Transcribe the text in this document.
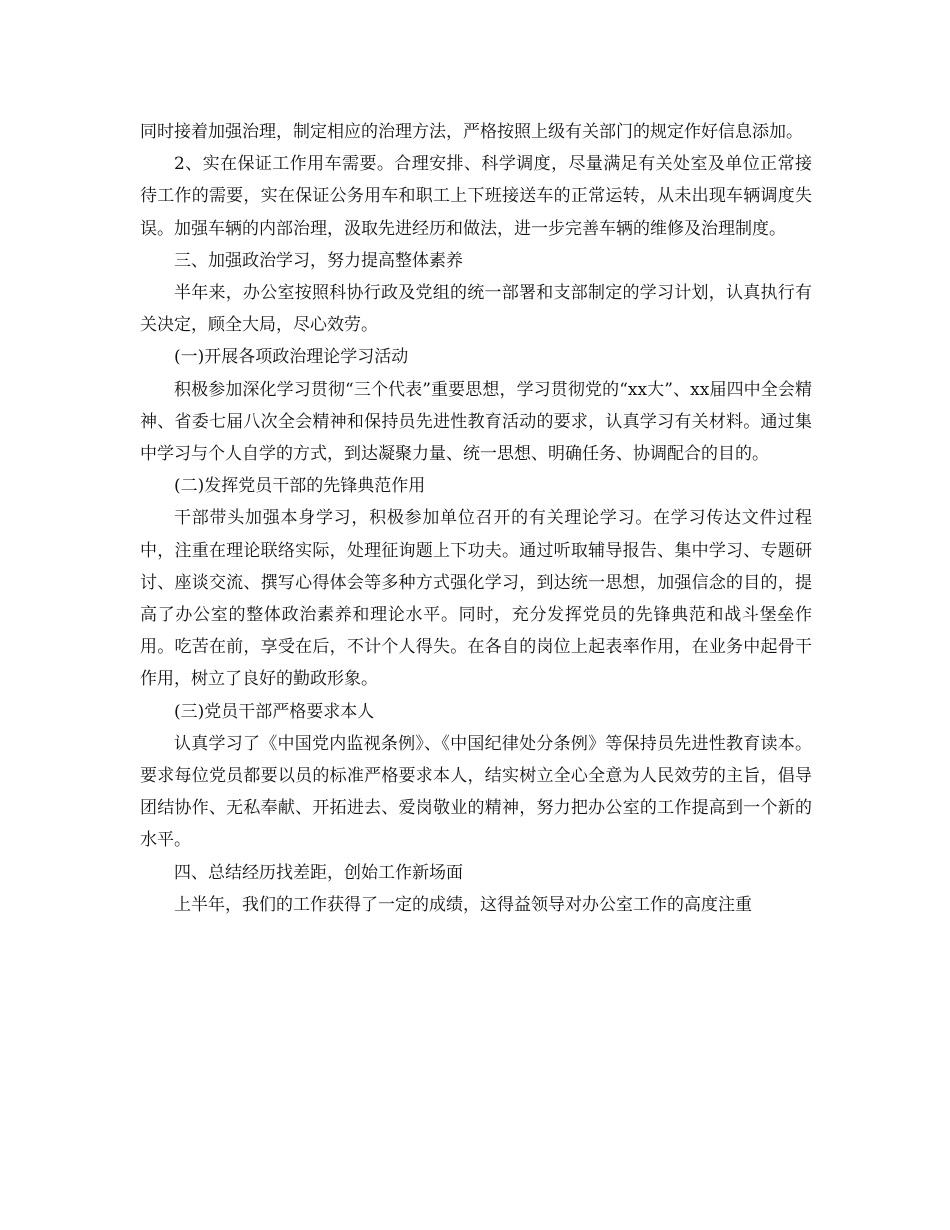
同时接着加强治理，制定相应的治理方法，严格按照上级有关部门的规定作好信息添加。

2、实在保证工作用车需要。合理安排、科学调度，尽量满足有关处室及单位正常接待工作的需要，实在保证公务用车和职工上下班接送车的正常运转，从未出现车辆调度失误。加强车辆的内部治理，汲取先进经历和做法，进一步完善车辆的维修及治理制度。

三、加强政治学习，努力提高整体素养

半年来，办公室按照科协行政及党组的统一部署和支部制定的学习计划，认真执行有关决定，顾全大局，尽心效劳。

(一)开展各项政治理论学习活动

积极参加深化学习贯彻“三个代表”重要思想，学习贯彻党的“xx大”、xx届四中全会精神、省委七届八次全会精神和保持员先进性教育活动的要求，认真学习有关材料。通过集中学习与个人自学的方式，到达凝聚力量、统一思想、明确任务、协调配合的目的。

(二)发挥党员干部的先锋典范作用

干部带头加强本身学习，积极参加单位召开的有关理论学习。在学习传达文件过程中，注重在理论联络实际，处理征询题上下功夫。通过听取辅导报告、集中学习、专题研讨、座谈交流、撰写心得体会等多种方式强化学习，到达统一思想，加强信念的目的，提高了办公室的整体政治素养和理论水平。同时，充分发挥党员的先锋典范和战斗堡垒作用。吃苦在前，享受在后，不计个人得失。在各自的岗位上起表率作用，在业务中起骨干作用，树立了良好的勤政形象。

(三)党员干部严格要求本人

认真学习了《中国党内监视条例》、《中国纪律处分条例》等保持员先进性教育读本。要求每位党员都要以员的标准严格要求本人，结实树立全心全意为人民效劳的主旨，倡导团结协作、无私奉献、开拓进去、爱岗敬业的精神，努力把办公室的工作提高到一个新的水平。

四、总结经历找差距，创始工作新场面

上半年，我们的工作获得了一定的成绩，这得益领导对办公室工作的高度注重
